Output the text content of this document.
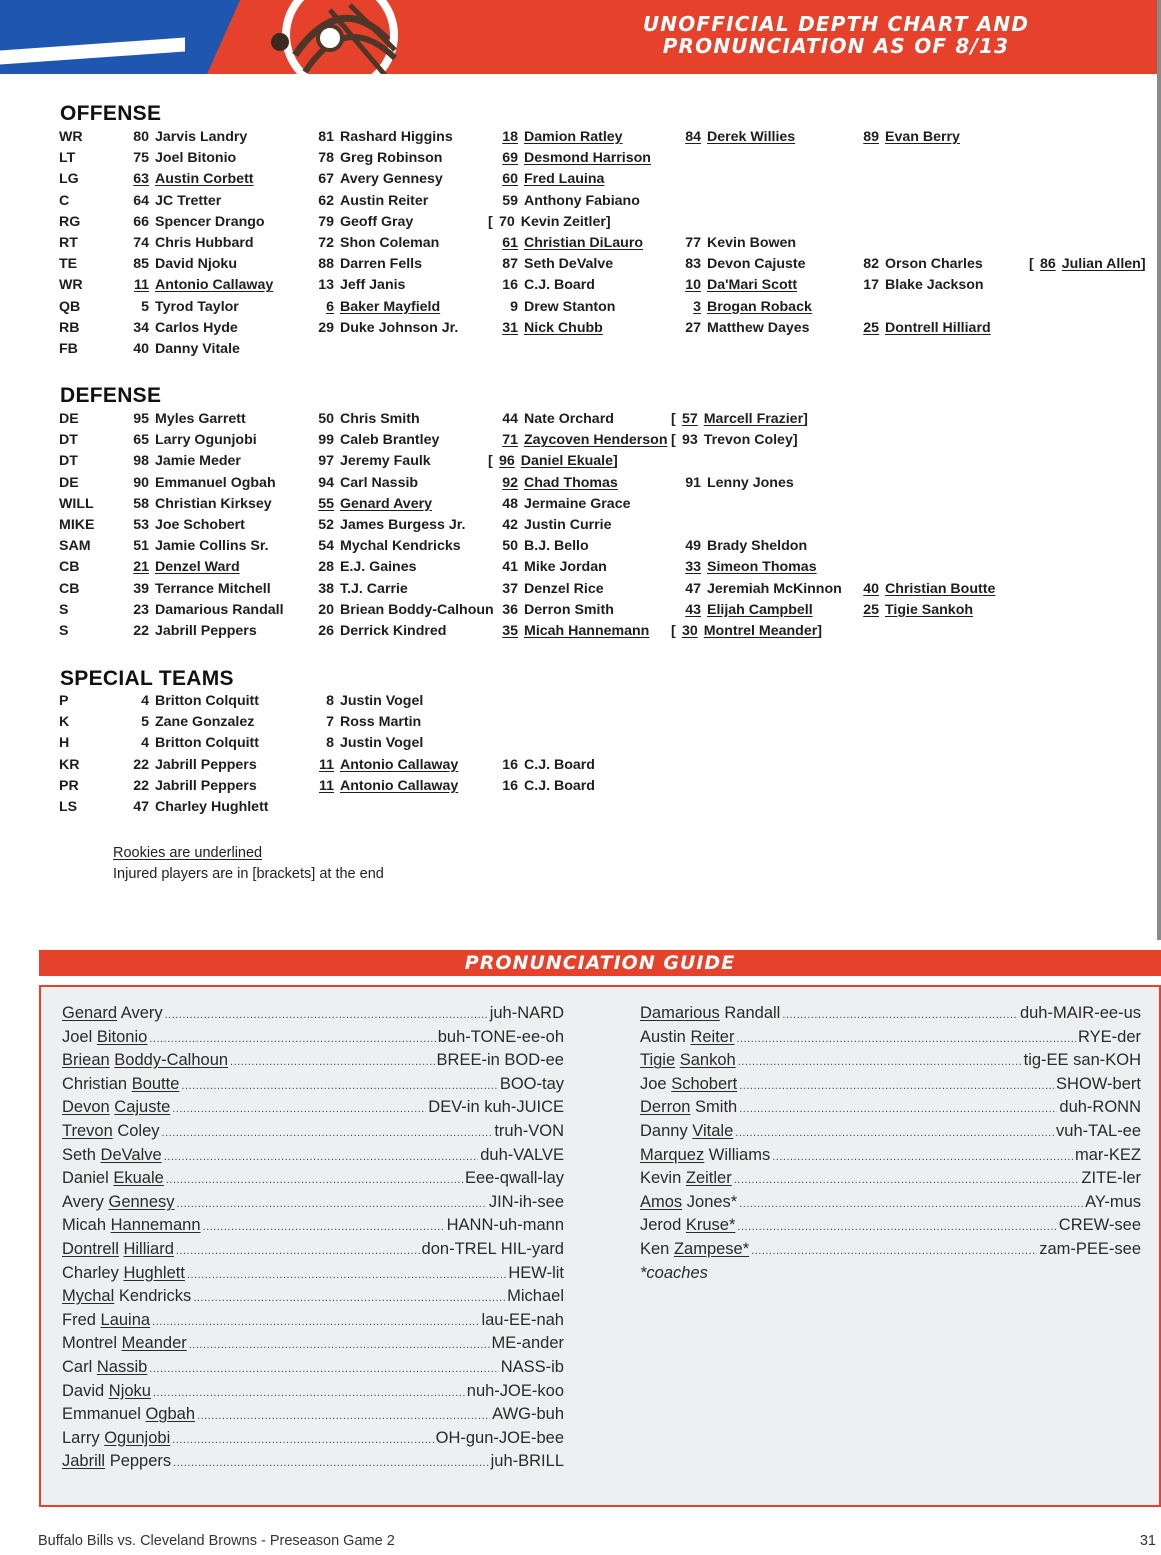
UNOFFICIAL DEPTH CHART AND
PRONUNCIATION AS OF 8/13
OFFENSE
WR	80 Jarvis Landry	81 Rashard Higgins	18 Damion Ratley	84 Derek Willies	89 Evan Berry
LT	75 Joel Bitonio	78 Greg Robinson	69 Desmond Harrison
LG	63 Austin Corbett	67 Avery Gennesy	60 Fred Lauina
C	64 JC Tretter	62 Austin Reiter	59 Anthony Fabiano
RG	66 Spencer Drango	79 Geoff Gray	[ 70 Kevin Zeitler]
RT	74 Chris Hubbard	72 Shon Coleman	61 Christian DiLauro	77 Kevin Bowen
TE	85 David Njoku	88 Darren Fells	87 Seth DeValve	83 Devon Cajuste	82 Orson Charles	[ 86 Julian Allen]
WR	11 Antonio Callaway	13 Jeff Janis	16 C.J. Board	10 Da'Mari Scott	17 Blake Jackson
QB	5 Tyrod Taylor	6 Baker Mayfield	9 Drew Stanton	3 Brogan Roback
RB	34 Carlos Hyde	29 Duke Johnson Jr.	31 Nick Chubb	27 Matthew Dayes	25 Dontrell Hilliard
FB	40 Danny Vitale
DEFENSE
DE	95 Myles Garrett	50 Chris Smith	44 Nate Orchard	[ 57 Marcell Frazier]
DT	65 Larry Ogunjobi	99 Caleb Brantley	71 Zaycoven Henderson [ 93 Trevon Coley]
DT	98 Jamie Meder	97 Jeremy Faulk	[ 96 Daniel Ekuale]
DE	90 Emmanuel Ogbah	94 Carl Nassib	92 Chad Thomas	91 Lenny Jones
WILL	58 Christian Kirksey	55 Genard Avery	48 Jermaine Grace
MIKE	53 Joe Schobert	52 James Burgess Jr.	42 Justin Currie
SAM	51 Jamie Collins Sr.	54 Mychal Kendricks	50 B.J. Bello	49 Brady Sheldon
CB	21 Denzel Ward	28 E.J. Gaines	41 Mike Jordan	33 Simeon Thomas
CB	39 Terrance Mitchell	38 T.J. Carrie	37 Denzel Rice	47 Jeremiah McKinnon	40 Christian Boutte
S	23 Damarious Randall	20 Briean Boddy-Calhoun 36 Derron Smith	43 Elijah Campbell	25 Tigie Sankoh
S	22 Jabrill Peppers	26 Derrick Kindred	35 Micah Hannemann [ 30 Montrel Meander]
SPECIAL TEAMS
P	4 Britton Colquitt	8 Justin Vogel
K	5 Zane Gonzalez	7 Ross Martin
H	4 Britton Colquitt	8 Justin Vogel
KR	22 Jabrill Peppers	11 Antonio Callaway	16 C.J. Board
PR	22 Jabrill Peppers	11 Antonio Callaway	16 C.J. Board
LS	47 Charley Hughlett
Rookies are underlined
Injured players are in [brackets] at the end
PRONUNCIATION GUIDE
Genard Avery .....	juh-NARD
Joel Bitonio .....	buh-TONE-ee-oh
Briean Boddy-Calhoun .....	BREE-in BOD-ee
Christian Boutte .....	BOO-tay
Devon Cajuste .....	DEV-in kuh-JUICE
Trevon Coley .....	truh-VON
Seth DeValve .....	duh-VALVE
Daniel Ekuale .....	Eee-qwall-lay
Avery Gennesy .....	JIN-ih-see
Micah Hannemann .....	HANN-uh-mann
Dontrell Hilliard .....	don-TREL HIL-yard
Charley Hughlett .....	HEW-lit
Mychal Kendricks .....	Michael
Fred Lauina .....	lau-EE-nah
Montrel Meander .....	ME-ander
Carl Nassib .....	NASS-ib
David Njoku .....	nuh-JOE-koo
Emmanuel Ogbah .....	AWG-buh
Larry Ogunjobi .....	OH-gun-JOE-bee
Jabrill Peppers .....	juh-BRILL
Damarious Randall .....	duh-MAIR-ee-us
Austin Reiter .....	RYE-der
Tigie Sankoh .....	tig-EE san-KOH
Joe Schobert .....	SHOW-bert
Derron Smith .....	duh-RONN
Danny Vitale .....	vuh-TAL-ee
Marquez Williams .....	mar-KEZ
Kevin Zeitler .....	ZITE-ler
Amos Jones* .....	AY-mus
Jerod Kruse* .....	CREW-see
Ken Zampese* .....	zam-PEE-see
*coaches
Buffalo Bills vs. Cleveland Browns - Preseason Game 2	31
